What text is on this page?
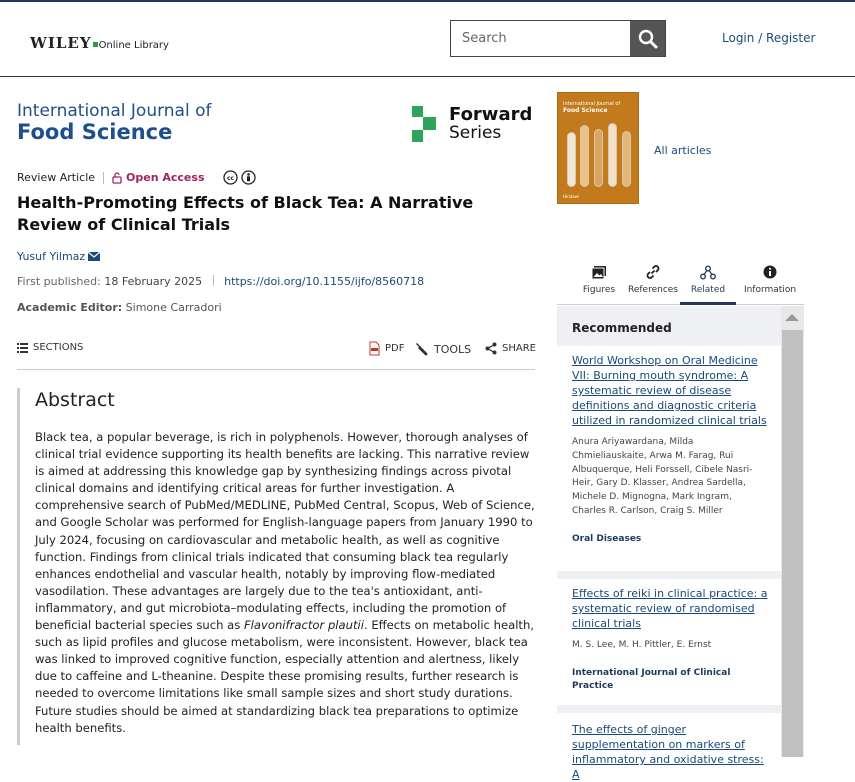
WILEY Online Library
Search
Login / Register
International Journal of
Food Science
Forward
Series
International Journal of
Food Science
Hindawi
All articles
Review Article	Open Access	cc
Health-Promoting Effects of Black Tea: A Narrative Review of Clinical Trials
Yusuf Yilmaz
First published: 18 February 2025 https://doi.org/10.1155/ijfo/8560718
Academic Editor: Simone Carradori
SECTIONS	PDF	TOOLS	SHARE
Abstract

Black tea, a popular beverage, is rich in polyphenols. However, thorough analyses of clinical trial evidence supporting its health benefits are lacking. This narrative review is aimed at addressing this knowledge gap by synthesizing findings across pivotal clinical domains and identifying critical areas for further investigation. A comprehensive search of PubMed/MEDLINE, PubMed Central, Scopus, Web of Science, and Google Scholar was performed for English-language papers from January 1990 to July 2024, focusing on cardiovascular and metabolic health, as well as cognitive function. Findings from clinical trials indicated that consuming black tea regularly enhances endothelial and vascular health, notably by improving flow-mediated vasodilation. These advantages are largely due to the tea's antioxidant, anti-inflammatory, and gut microbiota–modulating effects, including the promotion of beneficial bacterial species such as Flavonifractor plautii. Effects on metabolic health, such as lipid profiles and glucose metabolism, were inconsistent. However, black tea was linked to improved cognitive function, especially attention and alertness, likely due to caffeine and L-theanine. Despite these promising results, further research is needed to overcome limitations like small sample sizes and short study durations. Future studies should be aimed at standardizing black tea preparations to optimize health benefits.

Figures References Related Information
Recommended
World Workshop on Oral Medicine VII: Burning mouth syndrome: A systematic review of disease definitions and diagnostic criteria utilized in randomized clinical trials
Anura Ariyawardana, Milda Chmieliauskaite, Arwa M. Farag, Rui Albuquerque, Heli Forssell, Cibele Nasri-Heir, Gary D. Klasser, Andrea Sardella, Michele D. Mignogna, Mark Ingram, Charles R. Carlson, Craig S. Miller
Oral Diseases
Effects of reiki in clinical practice: a systematic review of randomised clinical trials
M. S. Lee, M. H. Pittler, E. Ernst
International Journal of Clinical Practice
The effects of ginger supplementation on markers of inflammatory and oxidative stress: A
